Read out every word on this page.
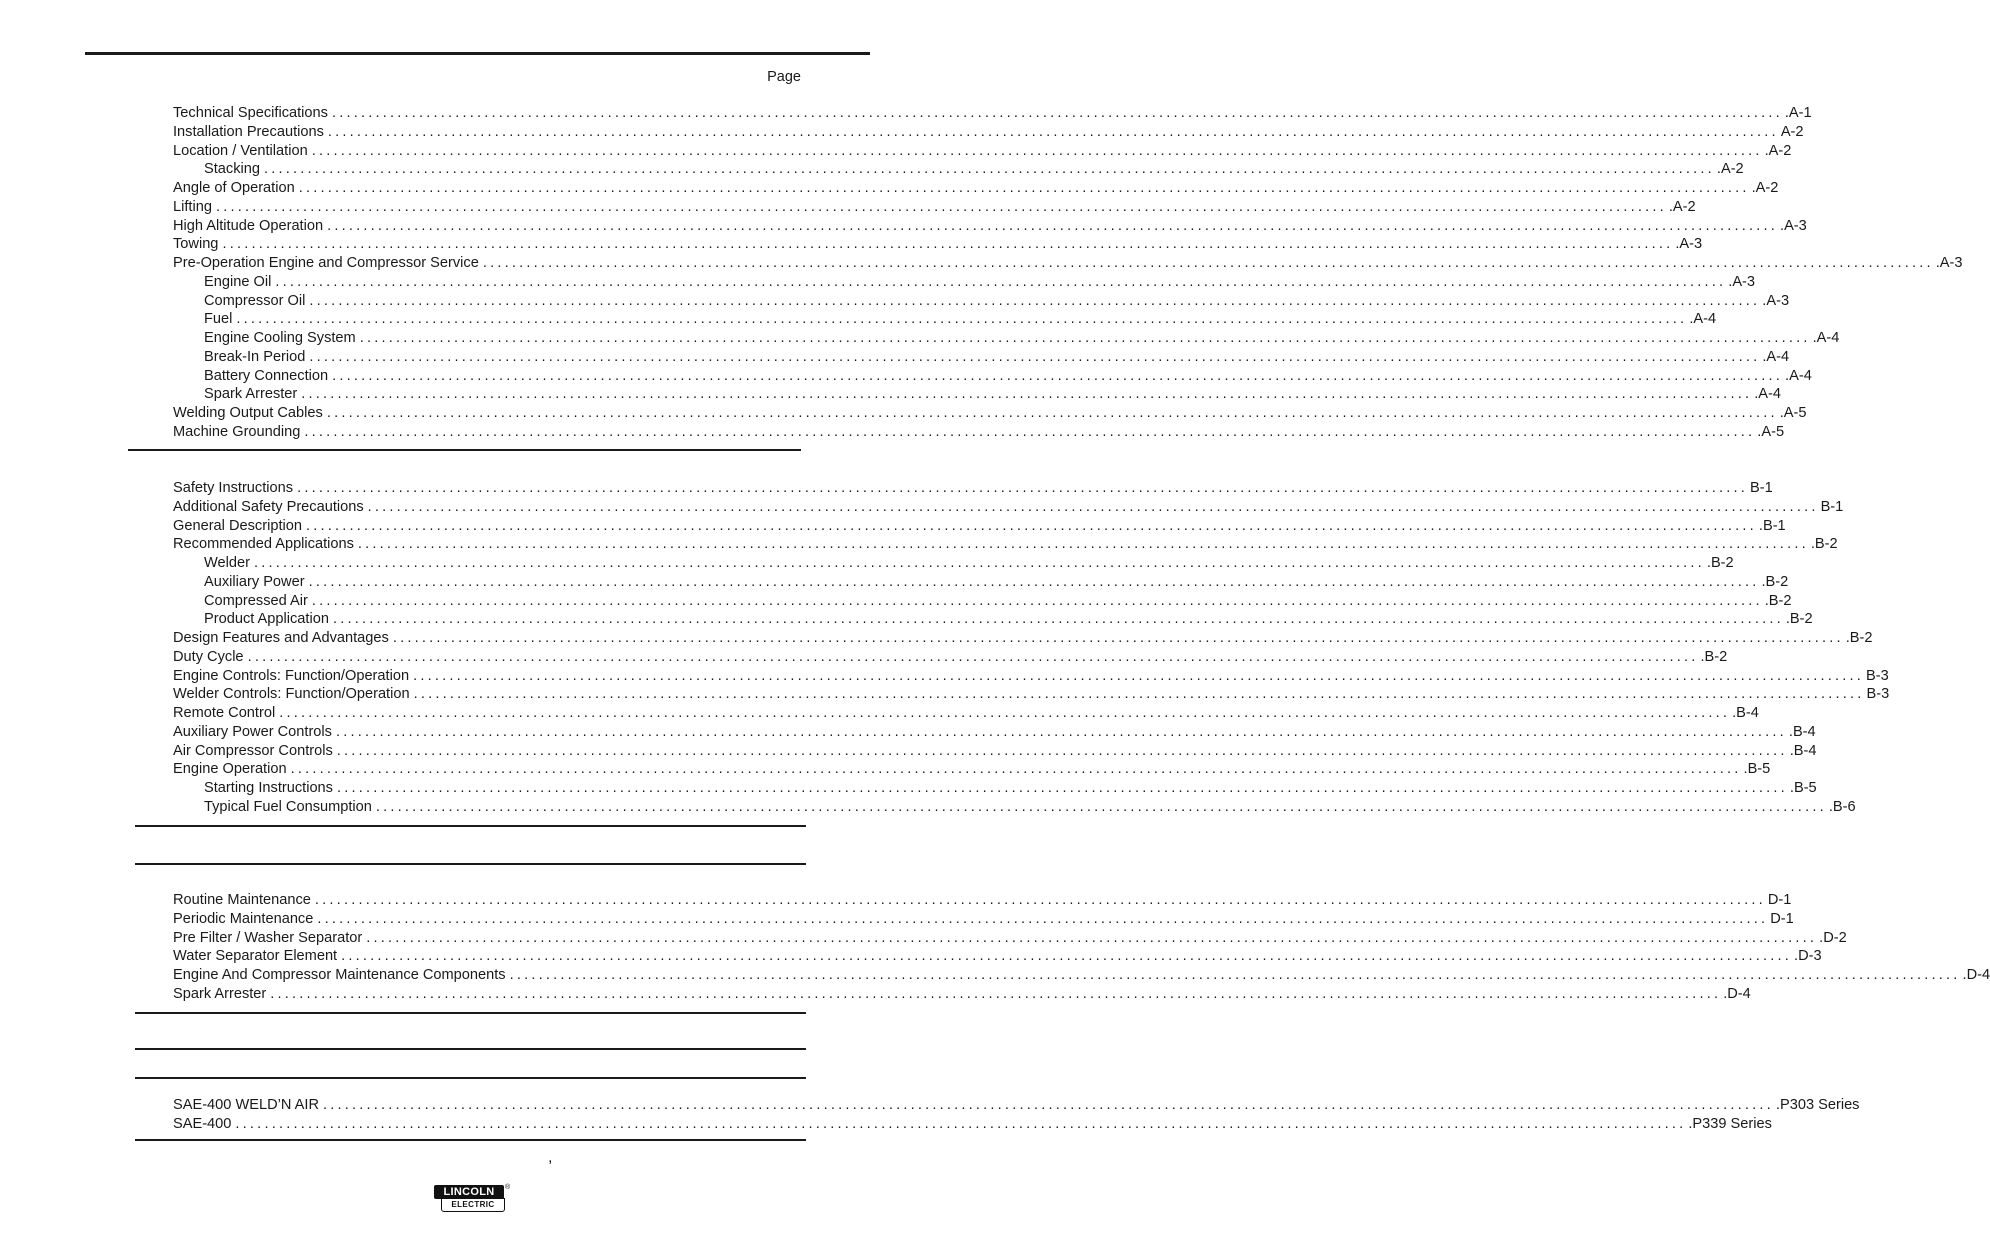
Page
Technical Specifications ........................................................................................................................................................................................................ .A-1
Installation Precautions ........................................................................................................................................................................................................ A-2
Location / Ventilation ........................................................................................................................................................................................................ .A-2
Stacking ........................................................................................................................................................................................................ .A-2
Angle of Operation ........................................................................................................................................................................................................ .A-2
Lifting ........................................................................................................................................................................................................ .A-2
High Altitude Operation ........................................................................................................................................................................................................ .A-3
Towing ........................................................................................................................................................................................................ .A-3
Pre-Operation Engine and Compressor Service ........................................................................................................................................................................................................ .A-3
Engine Oil ........................................................................................................................................................................................................ .A-3
Compressor Oil ........................................................................................................................................................................................................ .A-3
Fuel ........................................................................................................................................................................................................ .A-4
Engine Cooling System ........................................................................................................................................................................................................ .A-4
Break-In Period ........................................................................................................................................................................................................ .A-4
Battery Connection ........................................................................................................................................................................................................ .A-4
Spark Arrester ........................................................................................................................................................................................................ .A-4
Welding Output Cables ........................................................................................................................................................................................................ .A-5
Machine Grounding ........................................................................................................................................................................................................ .A-5
Safety Instructions ........................................................................................................................................................................................................ B-1
Additional Safety Precautions ........................................................................................................................................................................................................ B-1
General Description ........................................................................................................................................................................................................ .B-1
Recommended Applications ........................................................................................................................................................................................................ .B-2
Welder ........................................................................................................................................................................................................ .B-2
Auxiliary Power ........................................................................................................................................................................................................ .B-2
Compressed Air ........................................................................................................................................................................................................ .B-2
Product Application ........................................................................................................................................................................................................ .B-2
Design Features and Advantages ........................................................................................................................................................................................................ .B-2
Duty Cycle ........................................................................................................................................................................................................ .B-2
Engine Controls: Function/Operation ........................................................................................................................................................................................................ B-3
Welder Controls: Function/Operation ........................................................................................................................................................................................................ B-3
Remote Control ........................................................................................................................................................................................................ .B-4
Auxiliary Power Controls ........................................................................................................................................................................................................ .B-4
Air Compressor Controls ........................................................................................................................................................................................................ .B-4
Engine Operation ........................................................................................................................................................................................................ .B-5
Starting Instructions ........................................................................................................................................................................................................ .B-5
Typical Fuel Consumption ........................................................................................................................................................................................................ .B-6
Routine Maintenance ........................................................................................................................................................................................................ D-1
Periodic Maintenance ........................................................................................................................................................................................................ D-1
Pre Filter / Washer Separator ........................................................................................................................................................................................................ .D-2
Water Separator Element ........................................................................................................................................................................................................ .D-3
Engine And Compressor Maintenance Components ........................................................................................................................................................................................................ .D-4
Spark Arrester ........................................................................................................................................................................................................ .D-4
SAE-400 WELD’N AIR ........................................................................................................................................................................................................ .P303 Series
SAE-400 ........................................................................................................................................................................................................ .P339 Series
,
LINCOLN	®
ELECTRIC
